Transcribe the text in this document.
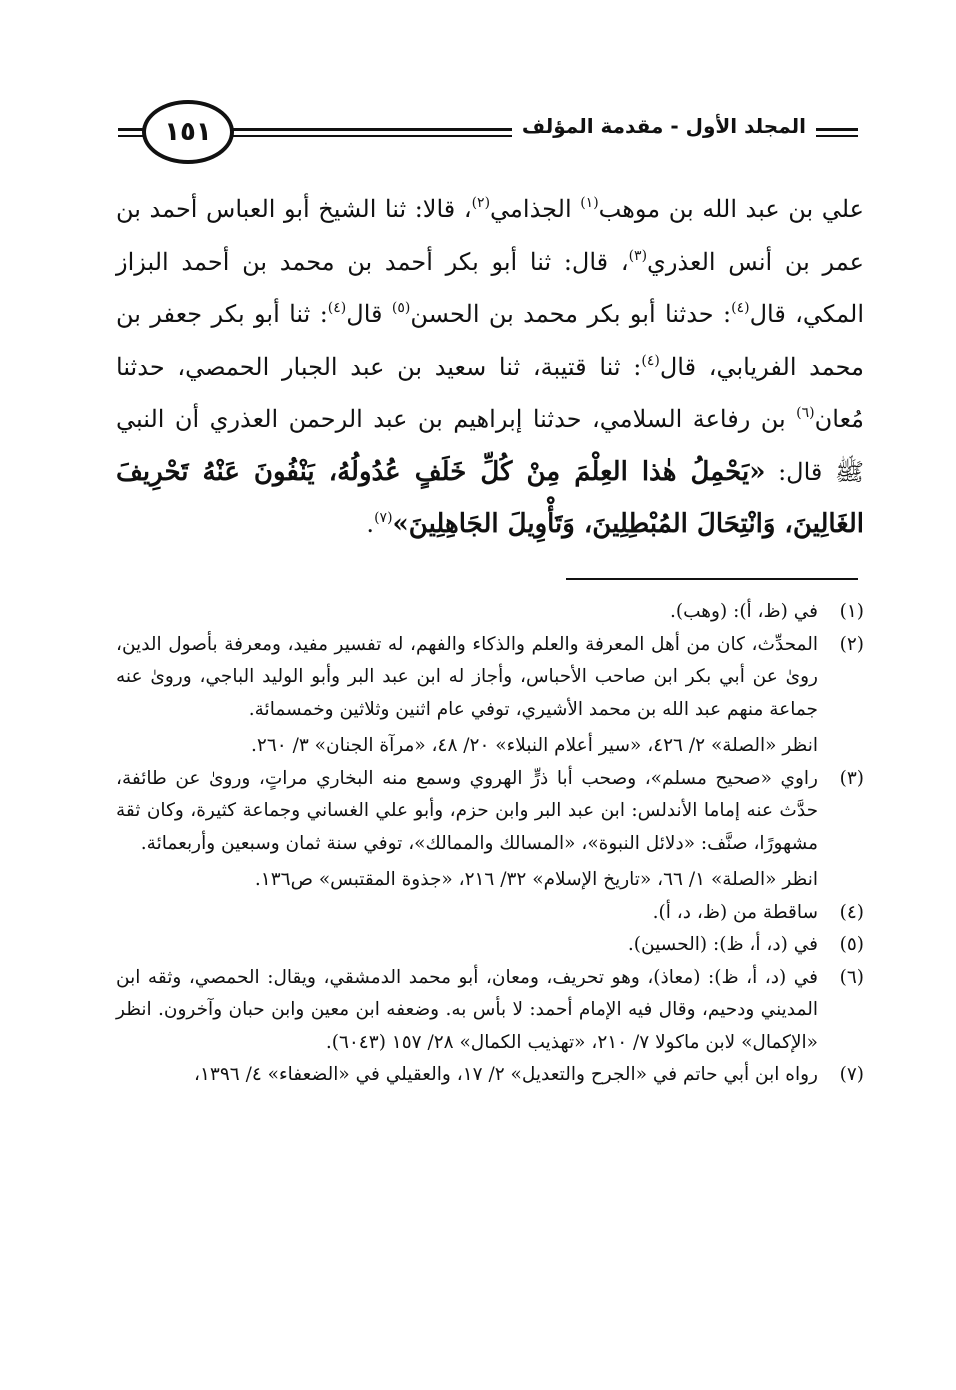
المجلد الأول - مقدمة المؤلف
١٥١

علي بن عبد الله بن موهب$^{(١)}$ الجذامي$^{(٢)}$، قالا: ثنا الشيخ أبو العباس أحمد بن عمر بن أنس العذري$^{(٣)}$، قال: ثنا أبو بكر أحمد بن محمد بن أحمد البزاز المكي، قال$^{(٤)}$: حدثنا أبو بكر محمد بن الحسن$^{(٥)}$ قال$^{(٤)}$: ثنا أبو بكر جعفر بن محمد الفريابي، قال$^{(٤)}$: ثنا قتيبة، ثنا سعيد بن عبد الجبار الحمصي، حدثنا مُعان$^{(٦)}$ بن رفاعة السلامي، حدثنا إبراهيم بن عبد الرحمن العذري أن النبي ﷺ قال: «يَحْمِلُ هٰذا العِلْمَ مِنْ كُلِّ خَلَفٍ عُدُولُهُ، يَنْفُونَ عَنْهُ تَحْرِيفَ الغَالِينَ، وَانْتِحَالَ المُبْطِلِينَ، وَتَأْوِيلَ الجَاهِلِينَ»$^{(٧)}$.

(١)

في (ظ، أ): (وهب).

(٢)

المحدِّث، كان من أهل المعرفة والعلم والذكاء والفهم، له تفسير مفيد، ومعرفة بأصول الدين، روىٰ عن أبي بكر ابن صاحب الأحباس، وأجاز له ابن عبد البر وأبو الوليد الباجي، وروىٰ عنه جماعة منهم عبد الله بن محمد الأشيري، توفي عام اثنين وثلاثين وخمسمائة.

انظر «الصلة» ٢/ ٤٢٦، «سير أعلام النبلاء» ٢٠/ ٤٨، «مرآة الجنان» ٣/ ٢٦٠.

(٣)

راوي «صحيح مسلم»، وصحب أبا ذرٍّ الهروي وسمع منه البخاري مراتٍ، وروىٰ عن طائفة، حدَّث عنه إماما الأندلس: ابن عبد البر وابن حزم، وأبو علي الغساني وجماعة كثيرة، وكان ثقة مشهورًا، صنَّف: «دلائل النبوة»، «المسالك والممالك»، توفي سنة ثمان وسبعين وأربعمائة.

انظر «الصلة» ١/ ٦٦، «تاريخ الإسلام» ٣٢/ ٢١٦، «جذوة المقتبس» ص١٣٦.

(٤)

ساقطة من (ظ، د، أ).

(٥)

في (د، أ، ظ): (الحسين).

(٦)

في (د، أ، ظ): (معاذ)، وهو تحريف، ومعان، أبو محمد الدمشقي، ويقال: الحمصي، وثقه ابن المديني ودحيم، وقال فيه الإمام أحمد: لا بأس به. وضعفه ابن معين وابن حبان وآخرون. انظر «الإكمال» لابن ماكولا ٧/ ٢١٠، «تهذيب الكمال» ٢٨/ ١٥٧ (٦٠٤٣).

(٧)

رواه ابن أبي حاتم في «الجرح والتعديل» ٢/ ١٧، والعقيلي في «الضعفاء» ٤/ ١٣٩٦،
